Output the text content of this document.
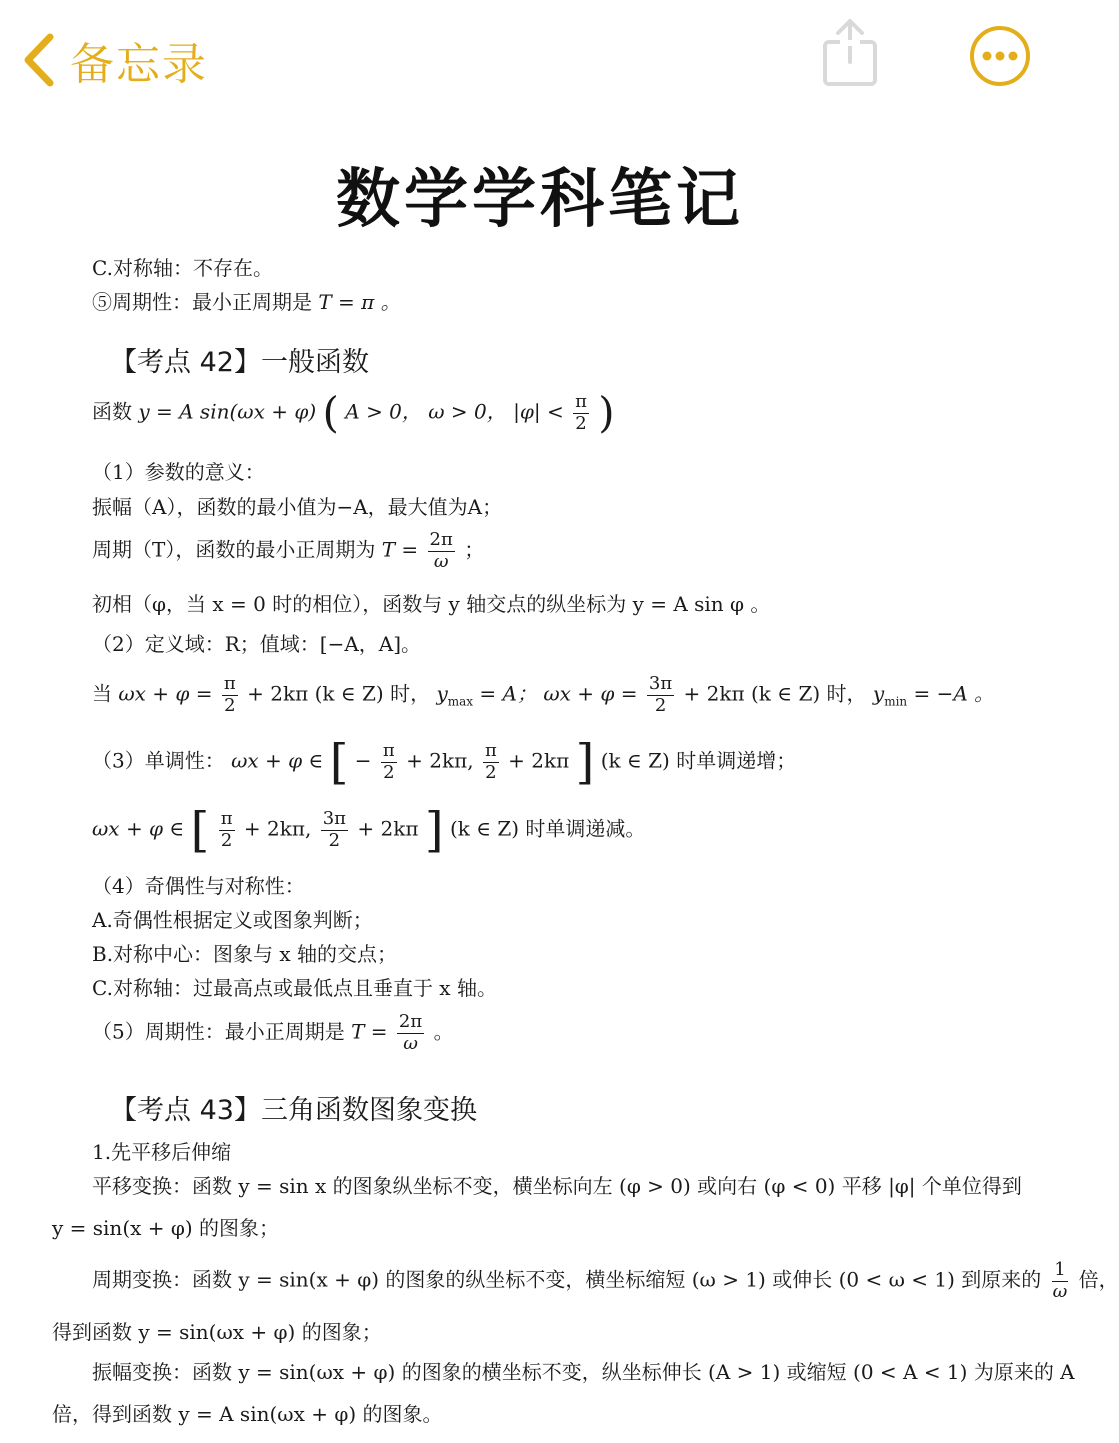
备忘录
数学学科笔记
C.对称轴：不存在。
⑤周期性：最小正周期是 T = π 。
【考点 42】一般函数
函数 y = A sin(ωx + φ) ( A > 0， ω > 0， $|\varphi| < \frac{\pi}{2}$ )
（1）参数的意义：
振幅（A），函数的最小值为−A，最大值为A；
周期（T），函数的最小正周期为 $T = \frac{2\pi}{\omega}$ ；
初相（φ，当 x = 0 时的相位），函数与 y 轴交点的纵坐标为 y = A sin φ 。
（2）定义域：R；值域：[−A，A]。
当 $\omega x + \varphi = \frac{\pi}{2} + 2k\pi$ (k ∈ Z) 时， $y_{max} = A$； $\omega x + \varphi = \frac{3\pi}{2} + 2k\pi$ (k ∈ Z) 时， $y_{min} = -A$ 。
（3）单调性： ωx + φ ∈ [ − $\frac{\pi}{2} + 2k\pi$, $\frac{\pi}{2} + 2k\pi$ ] (k ∈ Z) 时单调递增；
ωx + φ ∈ [ $\frac{\pi}{2} + 2k\pi$, $\frac{3\pi}{2} + 2k\pi$ ] (k ∈ Z) 时单调递减。
（4）奇偶性与对称性：
A.奇偶性根据定义或图象判断；
B.对称中心：图象与 x 轴的交点；
C.对称轴：过最高点或最低点且垂直于 x 轴。
（5）周期性：最小正周期是 $T = \frac{2\pi}{\omega}$ 。
【考点 43】三角函数图象变换
1.先平移后伸缩
平移变换：函数 y = sin x 的图象纵坐标不变，横坐标向左 (φ > 0) 或向右 (φ < 0) 平移 |φ| 个单位得到
y = sin(x + φ) 的图象；
周期变换：函数 y = sin(x + φ) 的图象的纵坐标不变，横坐标缩短 (ω > 1) 或伸长 (0 < ω < 1) 到原来的 $\frac{1}{\omega}$ 倍，
得到函数 y = sin(ωx + φ) 的图象；
振幅变换：函数 y = sin(ωx + φ) 的图象的横坐标不变，纵坐标伸长 (A > 1) 或缩短 (0 < A < 1) 为原来的 A
倍，得到函数 y = A sin(ωx + φ) 的图象。
